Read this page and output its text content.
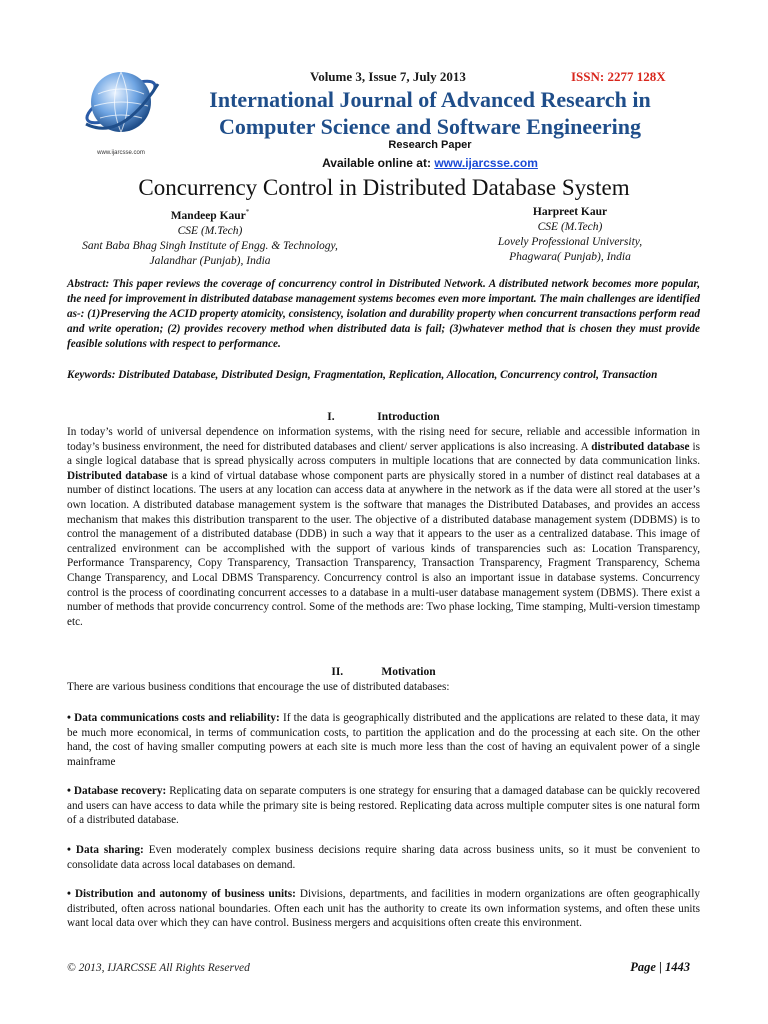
www.ijarcsse.com
Volume 3, Issue 7, July 2013	ISSN: 2277 128X
International Journal of Advanced Research in
Computer Science and Software Engineering
Research Paper
Available online at: www.ijarcsse.com
Concurrency Control in Distributed Database System
Mandeep Kaur*
CSE (M.Tech)
Sant Baba Bhag Singh Institute of Engg. & Technology,
Jalandhar (Punjab), India
Harpreet Kaur
CSE (M.Tech)
Lovely Professional University,
Phagwara( Punjab), India
Abstract: This paper reviews the coverage of concurrency control in Distributed Network. A distributed network becomes more popular, the need for improvement in distributed database management systems becomes even more important. The main challenges are identified as-: (1)Preserving the ACID property atomicity, consistency, isolation and durability property when concurrent transactions perform read and write operation; (2) provides recovery method when distributed data is fail; (3)whatever method that is chosen they must provide feasible solutions with respect to performance.
Keywords: Distributed Database, Distributed Design, Fragmentation, Replication, Allocation, Concurrency control, Transaction
I.	Introduction
In today’s world of universal dependence on information systems, with the rising need for secure, reliable and accessible information in today’s business environment, the need for distributed databases and client/ server applications is also increasing. A distributed database is a single logical database that is spread physically across computers in multiple locations that are connected by data communication links. Distributed database is a kind of virtual database whose component parts are physically stored in a number of distinct real databases at a number of distinct locations. The users at any location can access data at anywhere in the network as if the data were all stored at the user’s own location. A distributed database management system is the software that manages the Distributed Databases, and provides an access mechanism that makes this distribution transparent to the user. The objective of a distributed database management system (DDBMS) is to control the management of a distributed database (DDB) in such a way that it appears to the user as a centralized database. This image of centralized environment can be accomplished with the support of various kinds of transparencies such as: Location Transparency, Performance Transparency, Copy Transparency, Transaction Transparency, Transaction Transparency, Fragment Transparency, Schema Change Transparency, and Local DBMS Transparency. Concurrency control is also an important issue in database systems. Concurrency control is the process of coordinating concurrent accesses to a database in a multi-user database management system (DBMS). There exist a number of methods that provide concurrency control. Some of the methods are: Two phase locking, Time stamping, Multi-version timestamp etc.
II.	Motivation
There are various business conditions that encourage the use of distributed databases:
• Data communications costs and reliability: If the data is geographically distributed and the applications are related to these data, it may be much more economical, in terms of communication costs, to partition the application and do the processing at each site. On the other hand, the cost of having smaller computing powers at each site is much more less than the cost of having an equivalent power of a single mainframe
• Database recovery: Replicating data on separate computers is one strategy for ensuring that a damaged database can be quickly recovered and users can have access to data while the primary site is being restored. Replicating data across multiple computer sites is one natural form of a distributed database.
• Data sharing: Even moderately complex business decisions require sharing data across business units, so it must be convenient to consolidate data across local databases on demand.
• Distribution and autonomy of business units: Divisions, departments, and facilities in modern organizations are often geographically distributed, often across national boundaries. Often each unit has the authority to create its own information systems, and often these units want local data over which they can have control. Business mergers and acquisitions often create this environment.
© 2013, IJARCSSE All Rights Reserved	Page | 1443
